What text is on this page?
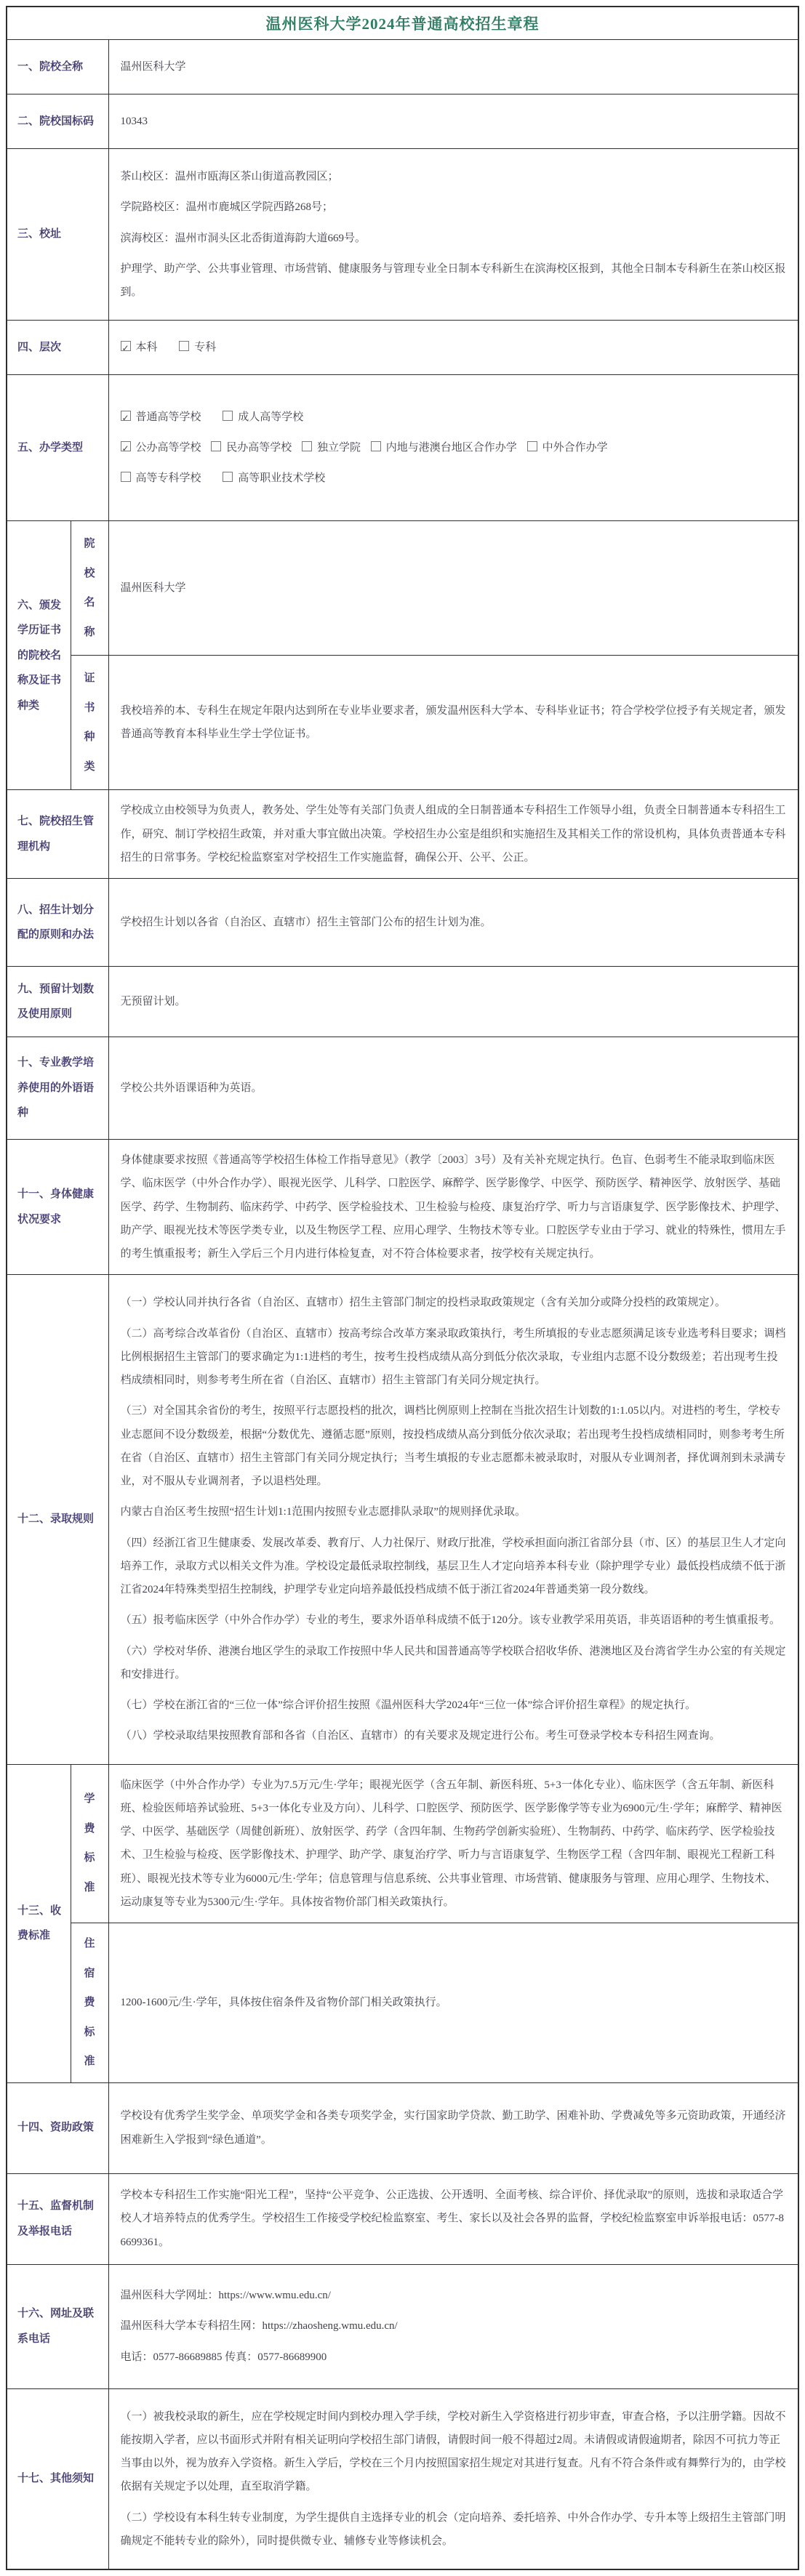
温州医科大学2024年普通高校招生章程		
一、院校全称		温州医科大学
二、院校国标码		10343
三、校址		茶山校区：温州市瓯海区茶山街道高教园区；

学院路校区：温州市鹿城区学院西路268号；

滨海校区：温州市洞头区北岙街道海韵大道669号。

护理学、助产学、公共事业管理、市场营销、健康服务与管理专业全日制本专科新生在滨海校区报到，其他全日制本专科新生在茶山校区报到。

四、层次	✓本科 专科
五、办学类型	

✓普通高等学校 成人高等学校

✓公办高等学校 民办高等学校 独立学院 内地与港澳台地区合作办学 中外合作办学

高等专科学校 高等职业技术学校

六、颁发学历证书的院校名称及证书种类	院校名称	温州医科大学
	证书种类	我校培养的本、专科生在规定年限内达到所在专业毕业要求者，颁发温州医科大学本、专科毕业证书；符合学校学位授予有关规定者，颁发普通高等教育本科毕业生学士学位证书。
七、院校招生管理机构		学校成立由校领导为负责人，教务处、学生处等有关部门负责人组成的全日制普通本专科招生工作领导小组，负责全日制普通本专科招生工作，研究、制订学校招生政策，并对重大事宜做出决策。学校招生办公室是组织和实施招生及其相关工作的常设机构，具体负责普通本专科招生的日常事务。学校纪检监察室对学校招生工作实施监督，确保公开、公平、公正。
八、招生计划分配的原则和办法		学校招生计划以各省（自治区、直辖市）招生主管部门公布的招生计划为准。
九、预留计划数及使用原则		无预留计划。
十、专业教学培养使用的外语语种		学校公共外语课语种为英语。
十一、身体健康状况要求		身体健康要求按照《普通高等学校招生体检工作指导意见》（教学〔2003〕3号）及有关补充规定执行。色盲、色弱考生不能录取到临床医学、临床医学（中外合作办学）、眼视光医学、儿科学、口腔医学、麻醉学、医学影像学、中医学、预防医学、精神医学、放射医学、基础医学、药学、生物制药、临床药学、中药学、医学检验技术、卫生检验与检疫、康复治疗学、听力与言语康复学、医学影像技术、护理学、助产学、眼视光技术等医学类专业，以及生物医学工程、应用心理学、生物技术等专业。口腔医学专业由于学习、就业的特殊性，惯用左手的考生慎重报考；新生入学后三个月内进行体检复查，对不符合体检要求者，按学校有关规定执行。
十二、录取规则	

（一）学校认同并执行各省（自治区、直辖市）招生主管部门制定的投档录取政策规定（含有关加分或降分投档的政策规定）。

（二）高考综合改革省份（自治区、直辖市）按高考综合改革方案录取政策执行，考生所填报的专业志愿须满足该专业选考科目要求；调档比例根据招生主管部门的要求确定为1:1进档的考生，按考生投档成绩从高分到低分依次录取，专业组内志愿不设分数级差；若出现考生投档成绩相同时，则参考考生所在省（自治区、直辖市）招生主管部门有关同分规定执行。

（三）对全国其余省份的考生，按照平行志愿投档的批次，调档比例原则上控制在当批次招生计划数的1:1.05以内。对进档的考生，学校专业志愿间不设分数级差，根据“分数优先、遵循志愿”原则，按投档成绩从高分到低分依次录取；若出现考生投档成绩相同时，则参考考生所在省（自治区、直辖市）招生主管部门有关同分规定执行；当考生填报的专业志愿都未被录取时，对服从专业调剂者，择优调剂到未录满专业，对不服从专业调剂者，予以退档处理。

内蒙古自治区考生按照“招生计划1:1范围内按照专业志愿排队录取”的规则择优录取。

（四）经浙江省卫生健康委、发展改革委、教育厅、人力社保厅、财政厅批准，学校承担面向浙江省部分县（市、区）的基层卫生人才定向培养工作，录取方式以相关文件为准。学校设定最低录取控制线，基层卫生人才定向培养本科专业（除护理学专业）最低投档成绩不低于浙江省2024年特殊类型招生控制线，护理学专业定向培养最低投档成绩不低于浙江省2024年普通类第一段分数线。

（五）报考临床医学（中外合作办学）专业的考生，要求外语单科成绩不低于120分。该专业教学采用英语，非英语语种的考生慎重报考。

（六）学校对华侨、港澳台地区学生的录取工作按照中华人民共和国普通高等学校联合招收华侨、港澳地区及台湾省学生办公室的有关规定和安排进行。

（七）学校在浙江省的“三位一体”综合评价招生按照《温州医科大学2024年“三位一体”综合评价招生章程》的规定执行。

（八）学校录取结果按照教育部和各省（自治区、直辖市）的有关要求及规定进行公布。考生可登录学校本专科招生网查询。

十三、收费标准	学费标准	临床医学（中外合作办学）专业为7.5万元/生·学年；眼视光医学（含五年制、新医科班、5+3一体化专业）、临床医学（含五年制、新医科班、检验医师培养试验班、5+3一体化专业及方向）、儿科学、口腔医学、预防医学、医学影像学等专业为6900元/生·学年；麻醉学、精神医学、中医学、基础医学（周健创新班）、放射医学、药学（含四年制、生物药学创新实验班）、生物制药、中药学、临床药学、医学检验技术、卫生检验与检疫、医学影像技术、护理学、助产学、康复治疗学、听力与言语康复学、生物医学工程（含四年制、眼视光工程新工科班）、眼视光技术等专业为6000元/生·学年；信息管理与信息系统、公共事业管理、市场营销、健康服务与管理、应用心理学、生物技术、运动康复等专业为5300元/生·学年。具体按省物价部门相关政策执行。
	住宿费标准	1200-1600元/生·学年，具体按住宿条件及省物价部门相关政策执行。
十四、资助政策		学校设有优秀学生奖学金、单项奖学金和各类专项奖学金，实行国家助学贷款、勤工助学、困难补助、学费减免等多元资助政策，开通经济困难新生入学报到“绿色通道”。
十五、监督机制及举报电话		学校本专科招生工作实施“阳光工程”，坚持“公平竞争、公正选拔、公开透明、全面考核、综合评价、择优录取”的原则，选拔和录取适合学校人才培养特点的优秀学生。学校招生工作接受学校纪检监察室、考生、家长以及社会各界的监督，学校纪检监察室申诉举报电话：0577-86699361。
十六、网址及联系电话		温州医科大学网址：https://www.wmu.edu.cn/

温州医科大学本专科招生网：https://zhaosheng.wmu.edu.cn/

电话：0577-86689885 传真：0577-86689900

十七、其他须知		（一）被我校录取的新生，应在学校规定时间内到校办理入学手续，学校对新生入学资格进行初步审查，审查合格，予以注册学籍。因故不能按期入学者，应以书面形式并附有相关证明向学校招生部门请假，请假时间一般不得超过2周。未请假或请假逾期者，除因不可抗力等正当事由以外，视为放弃入学资格。新生入学后，学校在三个月内按照国家招生规定对其进行复查。凡有不符合条件或有舞弊行为的，由学校依据有关规定予以处理，直至取消学籍。

（二）学校设有本科生转专业制度，为学生提供自主选择专业的机会（定向培养、委托培养、中外合作办学、专升本等上级招生主管部门明确规定不能转专业的除外），同时提供微专业、辅修专业等修读机会。
